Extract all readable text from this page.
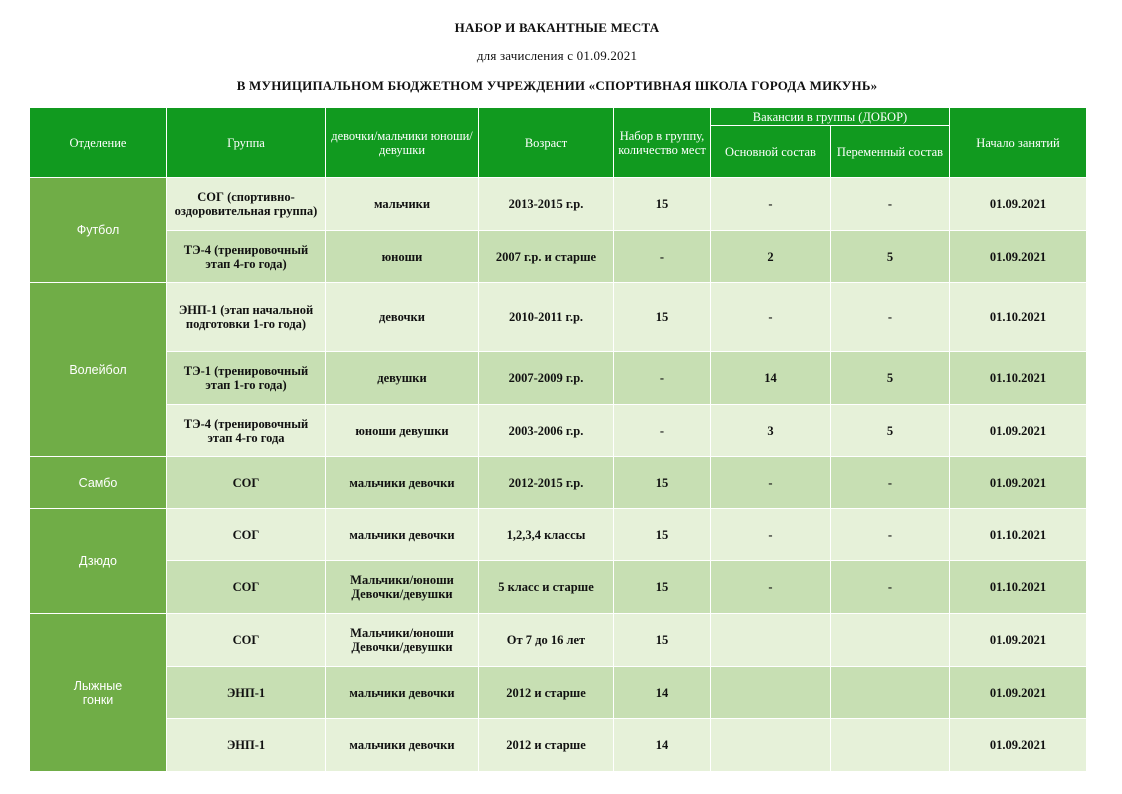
НАБОР И ВАКАНТНЫЕ МЕСТА
для зачисления с 01.09.2021
В МУНИЦИПАЛЬНОМ БЮДЖЕТНОМ УЧРЕЖДЕНИИ «СПОРТИВНАЯ ШКОЛА ГОРОДА МИКУНЬ»
Отделение	Группа	девочки/мальчики юноши/девушки	Возраст	Набор в группу, количество мест	Вакансии в группы (ДОБОР)		Начало занятий
					Основной состав	Переменный состав	

Футбол	СОГ (спортивно-оздоровительная группа)	мальчики	2013-2015 г.р.	15	-	-	01.09.2021
	ТЭ-4 (тренировочный этап 4-го года)	юноши	2007 г.р. и старше	-	2	5	01.09.2021

Волейбол	ЭНП-1 (этап начальной подготовки 1-го года)	девочки	2010-2011 г.р.	15	-	-	01.10.2021
	ТЭ-1 (тренировочный этап 1-го года)	девушки	2007-2009 г.р.	-	14	5	01.10.2021
	ТЭ-4 (тренировочный этап 4-го года	юноши девушки	2003-2006 г.р.	-	3	5	01.09.2021

Самбо	СОГ	мальчики девочки	2012-2015 г.р.	15	-	-	01.09.2021

Дзюдо	СОГ	мальчики девочки	1,2,3,4 классы	15	-	-	01.10.2021
	СОГ	Мальчики/юноши Девочки/девушки	5 класс и старше	15	-	-	01.10.2021

Лыжные
гонки	СОГ	Мальчики/юноши Девочки/девушки	От 7 до 16 лет	15			01.09.2021
	ЭНП-1	мальчики девочки	2012 и старше	14			01.09.2021
	ЭНП-1	мальчики девочки	2012 и старше	14			01.09.2021
